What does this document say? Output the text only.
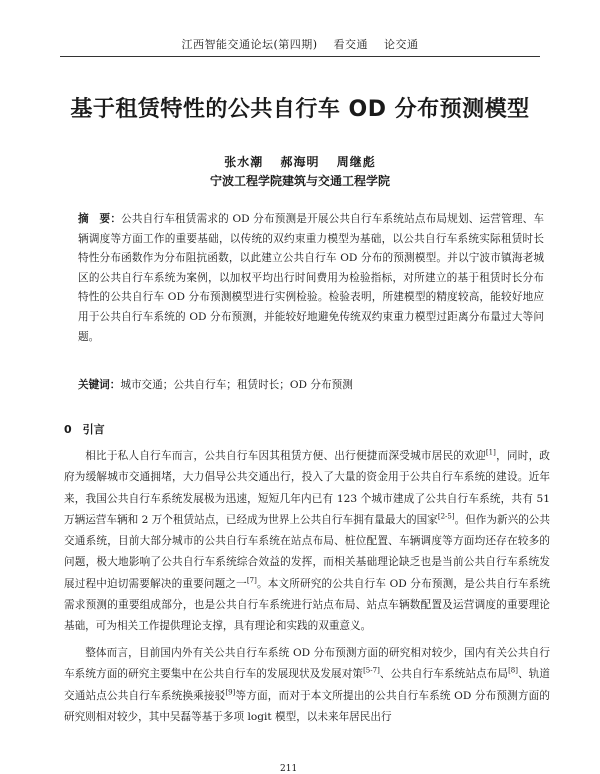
江西智能交通论坛(第四期) 看交通 论交通
基于租赁特性的公共自行车 OD 分布预测模型
张水潮 郝海明 周继彪
宁波工程学院建筑与交通工程学院
摘　要：公共自行车租赁需求的 OD 分布预测是开展公共自行车系统站点布局规划、运营管理、车辆调度等方面工作的重要基础，以传统的双约束重力模型为基础，以公共自行车系统实际租赁时长特性分布函数作为分布阻抗函数，以此建立公共自行车 OD 分布的预测模型。并以宁波市镇海老城区的公共自行车系统为案例，以加权平均出行时间费用为检验指标，对所建立的基于租赁时长分布特性的公共自行车 OD 分布预测模型进行实例检验。检验表明，所建模型的精度较高，能较好地应用于公共自行车系统的 OD 分布预测，并能较好地避免传统双约束重力模型过距离分布量过大等问题。
关键词：城市交通；公共自行车；租赁时长；OD 分布预测
0　引言
相比于私人自行车而言，公共自行车因其租赁方便、出行便捷而深受城市居民的欢迎[1]，同时，政府为缓解城市交通拥堵，大力倡导公共交通出行，投入了大量的资金用于公共自行车系统的建设。近年来，我国公共自行车系统发展极为迅速，短短几年内已有 123 个城市建成了公共自行车系统，共有 51 万辆运营车辆和 2 万个租赁站点，已经成为世界上公共自行车拥有量最大的国家[2-5]。但作为新兴的公共交通系统，目前大部分城市的公共自行车系统在站点布局、桩位配置、车辆调度等方面均还存在较多的问题，极大地影响了公共自行车系统综合效益的发挥，而相关基础理论缺乏也是当前公共自行车系统发展过程中迫切需要解决的重要问题之一[7]。本文所研究的公共自行车 OD 分布预测，是公共自行车系统需求预测的重要组成部分，也是公共自行车系统进行站点布局、站点车辆数配置及运营调度的重要理论基础，可为相关工作提供理论支撑，具有理论和实践的双重意义。
整体而言，目前国内外有关公共自行车系统 OD 分布预测方面的研究相对较少，国内有关公共自行车系统方面的研究主要集中在公共自行车的发展现状及发展对策[5-7]、公共自行车系统站点布局[8]、轨道交通站点公共自行车系统换乘接驳[9]等方面，而对于本文所提出的公共自行车系统 OD 分布预测方面的研究则相对较少，其中吴磊等基于多项 logit 模型，以未来年居民出行
211
